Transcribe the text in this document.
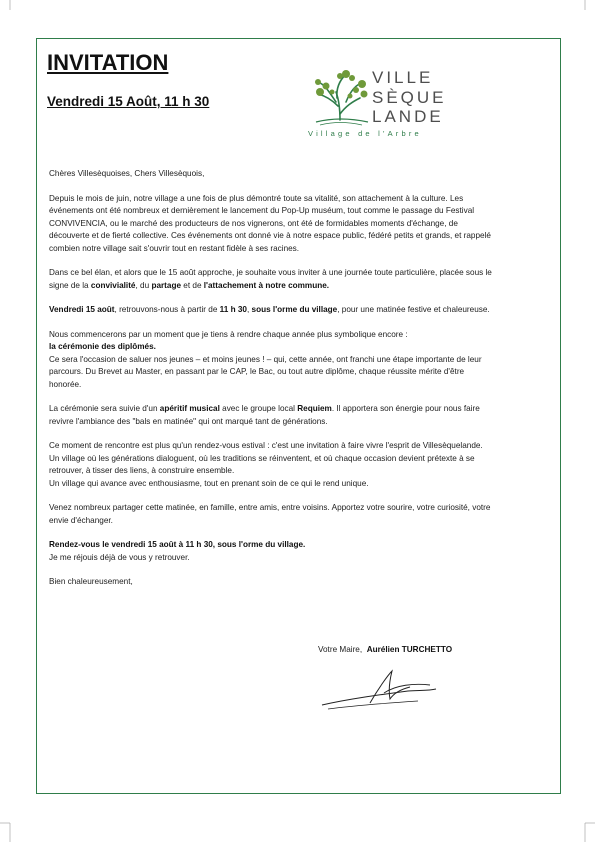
INVITATION
Vendredi 15 Août, 11 h 30
VILLE
SÈQUE
LANDE
Village de l'Arbre

Chères Villesèquoises, Chers Villesèquois,

Depuis le mois de juin, notre village a une fois de plus démontré toute sa vitalité, son attachement à la culture. Les événements ont été nombreux et dernièrement le lancement du Pop-Up muséum, tout comme le passage du Festival CONVIVENCIA, ou le marché des producteurs de nos vignerons, ont été de formidables moments d'échange, de découverte et de fierté collective. Ces événements ont donné vie à notre espace public, fédéré petits et grands, et rappelé combien notre village sait s'ouvrir tout en restant fidèle à ses racines.

Dans ce bel élan, et alors que le 15 août approche, je souhaite vous inviter à une journée toute particulière, placée sous le signe de la convivialité, du partage et de l'attachement à notre commune.

Vendredi 15 août, retrouvons-nous à partir de 11 h 30, sous l'orme du village, pour une matinée festive et chaleureuse.

Nous commencerons par un moment que je tiens à rendre chaque année plus symbolique encore :
la cérémonie des diplômés.
Ce sera l'occasion de saluer nos jeunes – et moins jeunes ! – qui, cette année, ont franchi une étape importante de leur parcours. Du Brevet au Master, en passant par le CAP, le Bac, ou tout autre diplôme, chaque réussite mérite d'être honorée.

La cérémonie sera suivie d'un apéritif musical avec le groupe local Requiem. Il apportera son énergie pour nous faire revivre l'ambiance des "bals en matinée" qui ont marqué tant de générations.

Ce moment de rencontre est plus qu'un rendez-vous estival : c'est une invitation à faire vivre l'esprit de Villesèquelande.
Un village où les générations dialoguent, où les traditions se réinventent, et où chaque occasion devient prétexte à se retrouver, à tisser des liens, à construire ensemble.
Un village qui avance avec enthousiasme, tout en prenant soin de ce qui le rend unique.

Venez nombreux partager cette matinée, en famille, entre amis, entre voisins. Apportez votre sourire, votre curiosité, votre envie d'échanger.

Rendez-vous le vendredi 15 août à 11 h 30, sous l'orme du village.
Je me réjouis déjà de vous y retrouver.

Bien chaleureusement,

Votre Maire, Aurélien TURCHETTO
